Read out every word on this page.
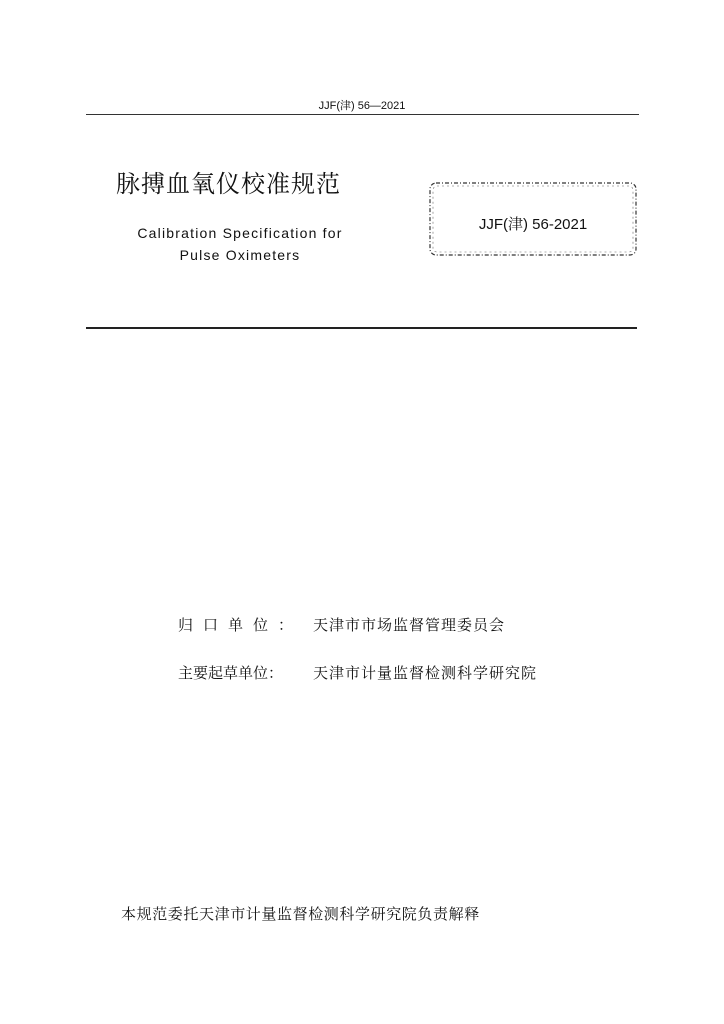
JJF(津) 56—2021
脉搏血氧仪校准规范
Calibration Specification for
Pulse Oximeters
JJF(津) 56-2021
归口单位： 天津市市场监督管理委员会
主要起草单位：	天津市计量监督检测科学研究院
本规范委托天津市计量监督检测科学研究院负责解释
